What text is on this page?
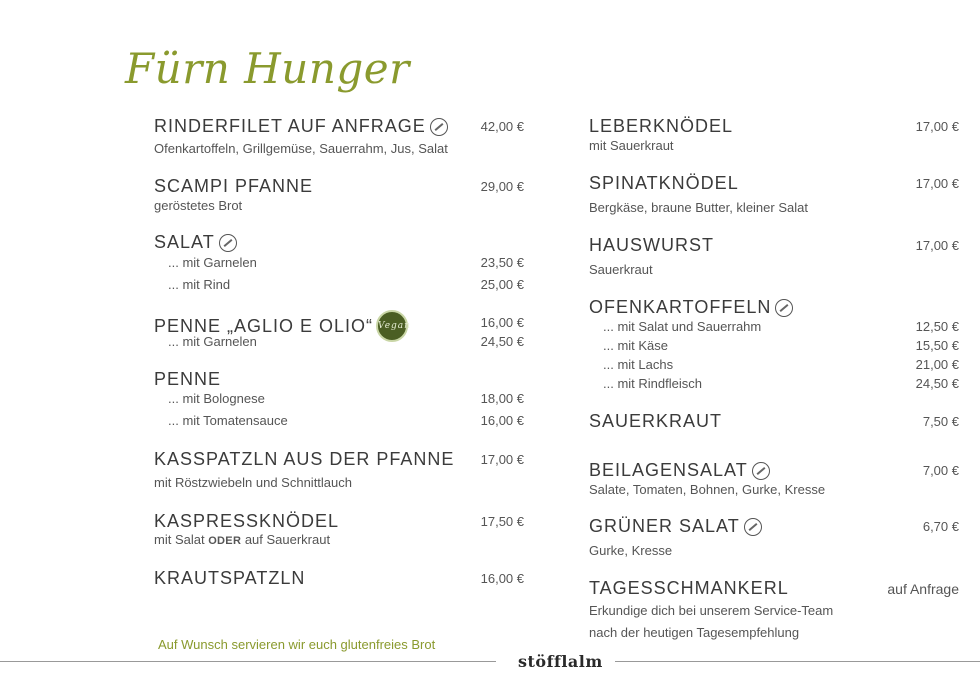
Fürn Hunger
RINDERFILET AUF ANFRAGE	42,00 €
Ofenkartoffeln, Grillgemüse, Sauerrahm, Jus, Salat
SCAMPI PFANNE	29,00 €
geröstetes Brot
SALAT
... mit Garnelen	23,50 €
... mit Rind	25,00 €
PENNE „AGLIO E OLIO“ Vegan	16,00 €
... mit Garnelen	24,50 €
PENNE
... mit Bolognese	18,00 €
... mit Tomatensauce	16,00 €
KASSPATZLN AUS DER PFANNE 17,00 €
mit Röstzwiebeln und Schnittlauch
KASPRESSKNÖDEL	17,50 €
mit Salat ODER auf Sauerkraut
KRAUTSPATZLN	16,00 €
LEBERKNÖDEL	17,00 €
mit Sauerkraut
SPINATKNÖDEL	17,00 €
Bergkäse, braune Butter, kleiner Salat
HAUSWURST	17,00 €
Sauerkraut
OFENKARTOFFELN
... mit Salat und Sauerrahm	12,50 €
... mit Käse	15,50 €
... mit Lachs	21,00 €
... mit Rindfleisch	24,50 €
SAUERKRAUT	7,50 €
BEILAGENSALAT	7,00 €
Salate, Tomaten, Bohnen, Gurke, Kresse
GRÜNER SALAT	6,70 €
Gurke, Kresse
TAGESSCHMANKERL	auf Anfrage
Erkundige dich bei unserem Service-Team
nach der heutigen Tagesempfehlung
Auf Wunsch servieren wir euch glutenfreies Brot
stöfflalm
